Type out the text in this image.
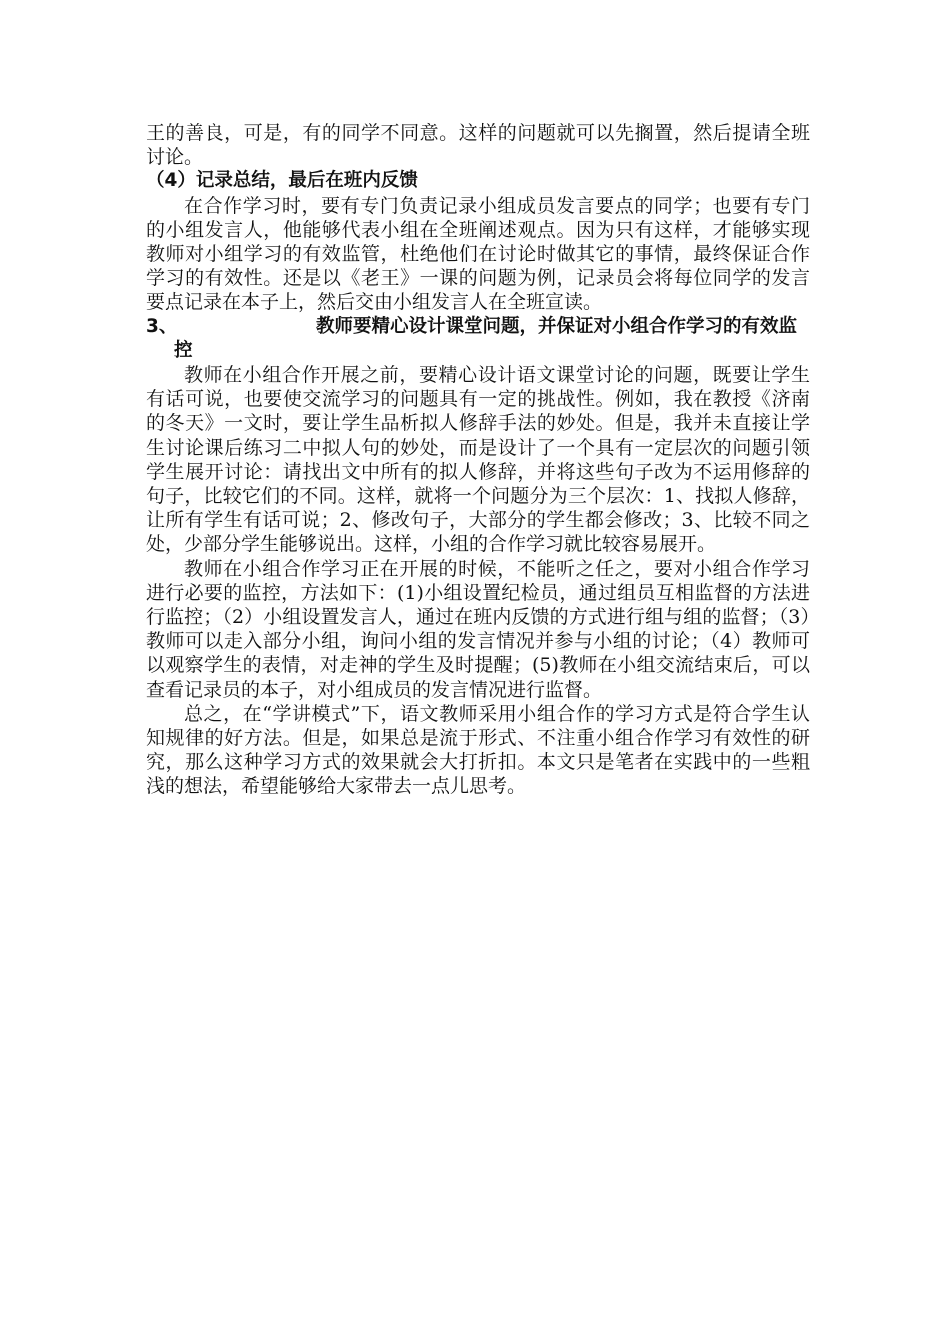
王的善良，可是，有的同学不同意。这样的问题就可以先搁置，然后提请全班讨论。

（4）记录总结，最后在班内反馈

在合作学习时，要有专门负责记录小组成员发言要点的同学；也要有专门的小组发言人，他能够代表小组在全班阐述观点。因为只有这样，才能够实现教师对小组学习的有效监管，杜绝他们在讨论时做其它的事情，最终保证合作学习的有效性。还是以《老王》一课的问题为例，记录员会将每位同学的发言要点记录在本子上，然后交由小组发言人在全班宣读。

3、	教师要精心设计课堂问题，并保证对小组合作学习的有效监控

教师在小组合作开展之前，要精心设计语文课堂讨论的问题，既要让学生有话可说，也要使交流学习的问题具有一定的挑战性。例如，我在教授《济南的冬天》一文时，要让学生品析拟人修辞手法的妙处。但是，我并未直接让学生讨论课后练习二中拟人句的妙处，而是设计了一个具有一定层次的问题引领学生展开讨论：请找出文中所有的拟人修辞，并将这些句子改为不运用修辞的句子，比较它们的不同。这样，就将一个问题分为三个层次：1、找拟人修辞，让所有学生有话可说；2、修改句子，大部分的学生都会修改；3、比较不同之处，少部分学生能够说出。这样，小组的合作学习就比较容易展开。

教师在小组合作学习正在开展的时候，不能听之任之，要对小组合作学习进行必要的监控，方法如下：(1)小组设置纪检员，通过组员互相监督的方法进行监控；（2）小组设置发言人，通过在班内反馈的方式进行组与组的监督；（3）教师可以走入部分小组，询问小组的发言情况并参与小组的讨论；（4）教师可以观察学生的表情，对走神的学生及时提醒；(5)教师在小组交流结束后，可以查看记录员的本子，对小组成员的发言情况进行监督。

总之，在“学讲模式”下，语文教师采用小组合作的学习方式是符合学生认知规律的好方法。但是，如果总是流于形式、不注重小组合作学习有效性的研究，那么这种学习方式的效果就会大打折扣。本文只是笔者在实践中的一些粗浅的想法，希望能够给大家带去一点儿思考。
